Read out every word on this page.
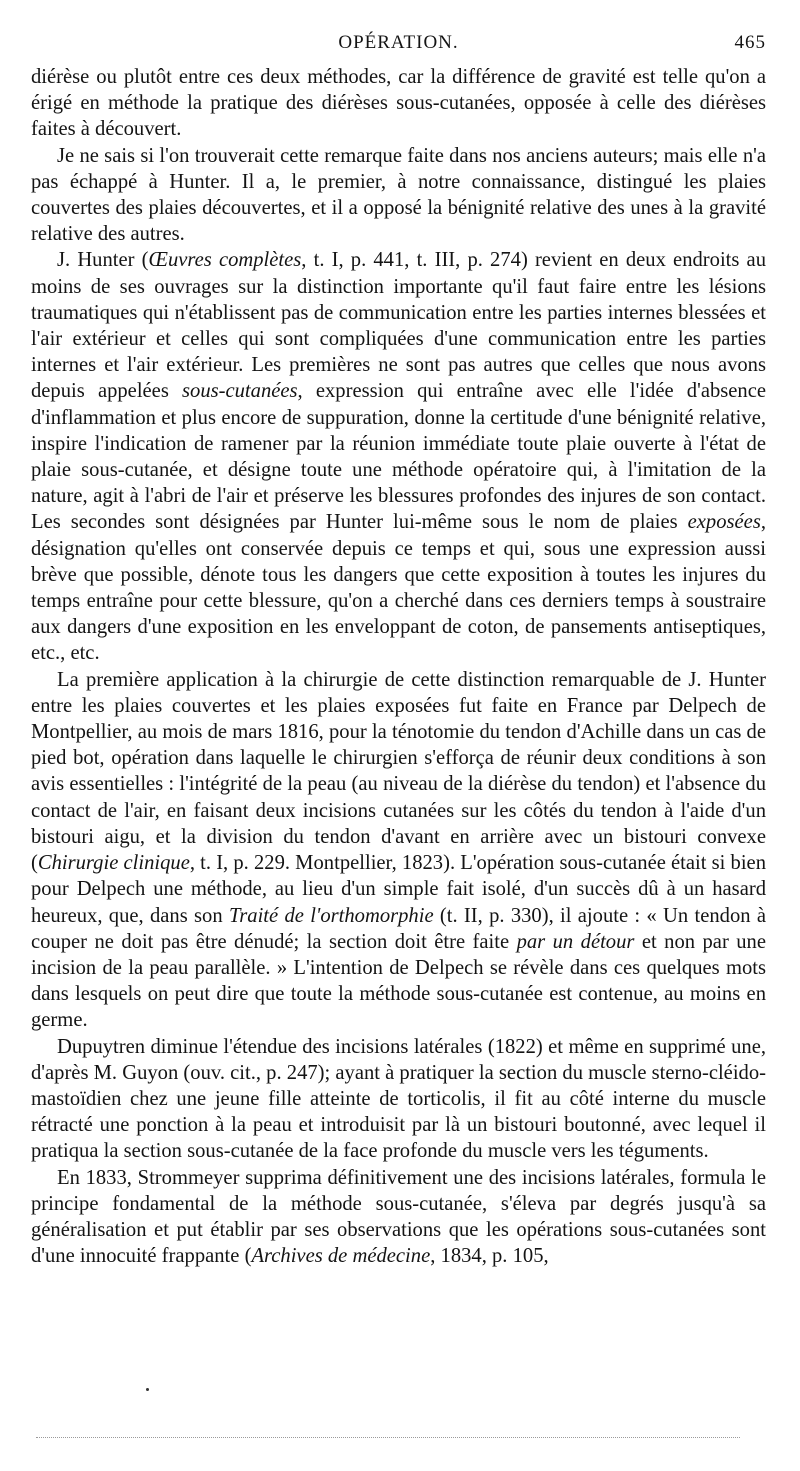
OPÉRATION.	465

diérèse ou plutôt entre ces deux méthodes, car la différence de gravité est telle qu'on a érigé en méthode la pratique des diérèses sous-cutanées, opposée à celle des diérèses faites à découvert.

Je ne sais si l'on trouverait cette remarque faite dans nos anciens auteurs; mais elle n'a pas échappé à Hunter. Il a, le premier, à notre connaissance, distingué les plaies couvertes des plaies découvertes, et il a opposé la bénignité relative des unes à la gravité relative des autres.

J. Hunter (Œuvres complètes, t. I, p. 441, t. III, p. 274) revient en deux endroits au moins de ses ouvrages sur la distinction importante qu'il faut faire entre les lésions traumatiques qui n'établissent pas de communication entre les parties internes blessées et l'air extérieur et celles qui sont compliquées d'une communication entre les parties internes et l'air extérieur. Les premières ne sont pas autres que celles que nous avons depuis appelées sous-cutanées, expression qui entraîne avec elle l'idée d'absence d'inflammation et plus encore de suppuration, donne la certitude d'une bénignité relative, inspire l'indication de ramener par la réunion immédiate toute plaie ouverte à l'état de plaie sous-cutanée, et désigne toute une méthode opératoire qui, à l'imitation de la nature, agit à l'abri de l'air et préserve les blessures profondes des injures de son contact. Les secondes sont désignées par Hunter lui-même sous le nom de plaies exposées, désignation qu'elles ont conservée depuis ce temps et qui, sous une expression aussi brève que possible, dénote tous les dangers que cette exposition à toutes les injures du temps entraîne pour cette blessure, qu'on a cherché dans ces derniers temps à soustraire aux dangers d'une exposition en les enveloppant de coton, de pansements antiseptiques, etc., etc.

La première application à la chirurgie de cette distinction remarquable de J. Hunter entre les plaies couvertes et les plaies exposées fut faite en France par Delpech de Montpellier, au mois de mars 1816, pour la ténotomie du tendon d'Achille dans un cas de pied bot, opération dans laquelle le chirurgien s'efforça de réunir deux conditions à son avis essentielles : l'intégrité de la peau (au niveau de la diérèse du tendon) et l'absence du contact de l'air, en faisant deux incisions cutanées sur les côtés du tendon à l'aide d'un bistouri aigu, et la division du tendon d'avant en arrière avec un bistouri convexe (Chirurgie clinique, t. I, p. 229. Montpellier, 1823). L'opération sous-cutanée était si bien pour Delpech une méthode, au lieu d'un simple fait isolé, d'un succès dû à un hasard heureux, que, dans son Traité de l'orthomorphie (t. II, p. 330), il ajoute : « Un tendon à couper ne doit pas être dénudé; la section doit être faite par un détour et non par une incision de la peau parallèle. » L'intention de Delpech se révèle dans ces quelques mots dans lesquels on peut dire que toute la méthode sous-cutanée est contenue, au moins en germe.

Dupuytren diminue l'étendue des incisions latérales (1822) et même en supprimé une, d'après M. Guyon (ouv. cit., p. 247); ayant à pratiquer la section du muscle sterno-cléido-mastoïdien chez une jeune fille atteinte de torticolis, il fit au côté interne du muscle rétracté une ponction à la peau et introduisit par là un bistouri boutonné, avec lequel il pratiqua la section sous-cutanée de la face profonde du muscle vers les téguments.

En 1833, Strommeyer supprima définitivement une des incisions latérales, formula le principe fondamental de la méthode sous-cutanée, s'éleva par degrés jusqu'à sa généralisation et put établir par ses observations que les opérations sous-cutanées sont d'une innocuité frappante (Archives de médecine, 1834, p. 105,
